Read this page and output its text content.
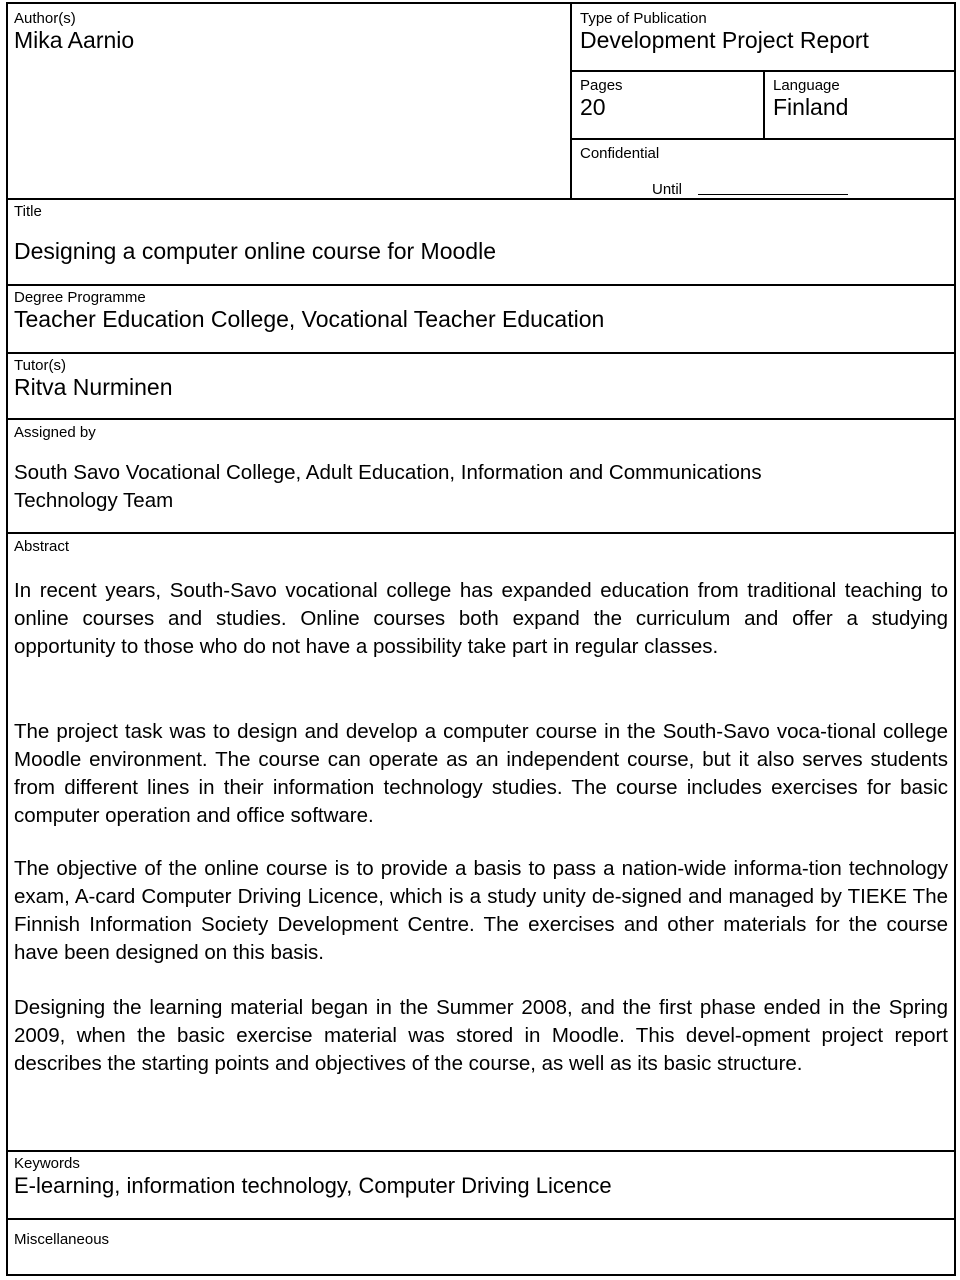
Author(s)
Mika Aarnio
Type of Publication
Development Project Report
Pages
20
Language
Finland
Confidential
Until
Title
Designing a computer online course for Moodle
Degree Programme
Teacher Education College, Vocational Teacher Education
Tutor(s)
Ritva Nurminen
Assigned by
South Savo Vocational College, Adult Education, Information and Communications
Technology Team
Abstract
In recent years, South-Savo vocational college has expanded education from traditional teaching to online courses and studies. Online courses both expand the curriculum and offer a studying opportunity to those who do not have a possibility take part in regular classes.
The project task was to design and develop a computer course in the South-Savo voca-tional college Moodle environment. The course can operate as an independent course, but it also serves students from different lines in their information technology studies. The course includes exercises for basic computer operation and office software.
The objective of the online course is to provide a basis to pass a nation-wide informa-tion technology exam, A-card Computer Driving Licence, which is a study unity de-signed and managed by TIEKE The Finnish Information Society Development Centre. The exercises and other materials for the course have been designed on this basis.
Designing the learning material began in the Summer 2008, and the first phase ended in the Spring 2009, when the basic exercise material was stored in Moodle. This devel-opment project report describes the starting points and objectives of the course, as well as its basic structure.
Keywords
E-learning, information technology, Computer Driving Licence
Miscellaneous
